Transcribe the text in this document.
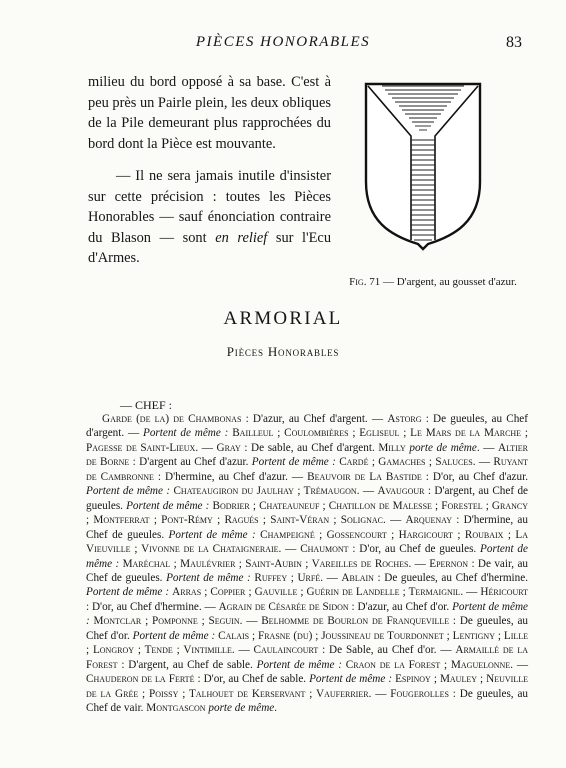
PIÈCES HONORABLES	83

milieu du bord opposé à sa base. C'est à peu près un Pairle plein, les deux obliques de la Pile demeurant plus rapprochées du bord dont la Pièce est mouvante.

— Il ne sera jamais inutile d'insister sur cette précision : toutes les Pièces Honorables — sauf énonciation contraire du Blason — sont en relief sur l'Ecu d'Armes.

Fig. 71 — D'argent, au gousset d'azur.
ARMORIAL
Pièces Honorables
— CHEF :

Garde (de la) de Chambonas : D'azur, au Chef d'argent. — Astorg : De gueules, au Chef d'argent. — Portent de même : Bailleul ; Coulombières ; Egliseul ; Le Mars de la Marche ; Pagesse de Saint-Lieux. — Gray : De sable, au Chef d'argent. Milly porte de même. — Altier de Borne : D'argent au Chef d'azur. Portent de même : Cardé ; Gamaches ; Saluces. — Ruyant de Cambronne : D'hermine, au Chef d'azur. — Beauvoir de La Bastide : D'or, au Chef d'azur. Portent de même : Chateaugiron du Jaulhay ; Trémaugon. — Avaugour : D'argent, au Chef de gueules. Portent de même : Bodrier ; Chateauneuf ; Chatillon de Malesse ; Forestel ; Grancy ; Montferrat ; Pont-Rémy ; Ragués ; Saint-Véran ; Solignac. — Arquenay : D'hermine, au Chef de gueules. Portent de même : Champeigné ; Gossencourt ; Hargicourt ; Roubaix ; La Vieuville ; Vivonne de la Chataigneraie. — Chaumont : D'or, au Chef de gueules. Portent de même : Maréchal ; Maulévrier ; Saint-Aubin ; Vareilles de Roches. — Epernon : De vair, au Chef de gueules. Portent de même : Ruffey ; Urfé. — Ablain : De gueules, au Chef d'hermine. Portent de même : Arras ; Coppier ; Gauville ; Guérin de Landelle ; Termaignil. — Héricourt : D'or, au Chef d'hermine. — Agrain de Césarée de Sidon : D'azur, au Chef d'or. Portent de même : Montclar ; Pomponne ; Seguin. — Belhomme de Bourlon de Franqueville : De gueules, au Chef d'or. Portent de même : Calais ; Frasne (du) ; Joussineau de Tourdonnet ; Lentigny ; Lille ; Longroy ; Tende ; Vintimille. — Caulaincourt : De Sable, au Chef d'or. — Armaillé de la Forest : D'argent, au Chef de sable. Portent de même : Craon de la Forest ; Maguelonne. — Chauderon de la Ferté : D'or, au Chef de sable. Portent de même : Espinoy ; Mauley ; Neuville de la Grée ; Poissy ; Talhouet de Kerservant ; Vauferrier. — Fougerolles : De gueules, au Chef de vair. Montgascon porte de même.
